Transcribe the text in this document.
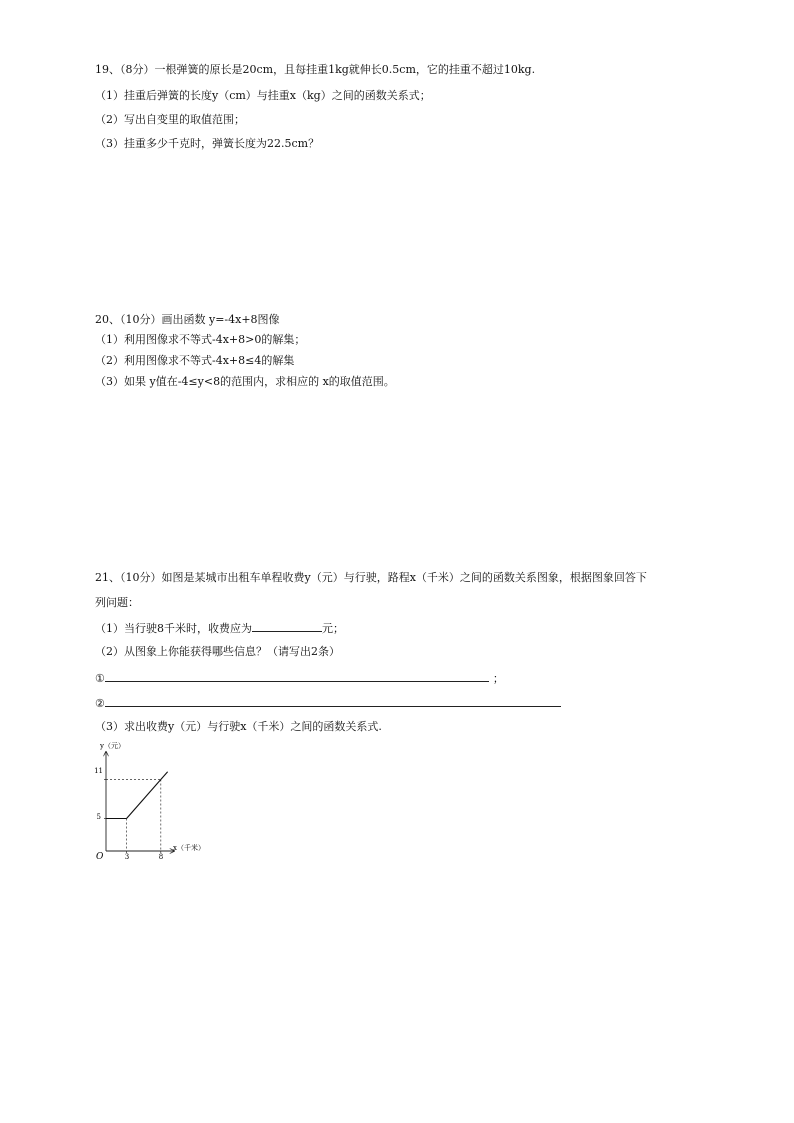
19、（8分）一根弹簧的原长是20cm，且每挂重1kg就伸长0.5cm，它的挂重不超过10kg.
（1）挂重后弹簧的长度y（cm）与挂重x（kg）之间的函数关系式；
（2）写出自变里的取值范围；
（3）挂重多少千克时，弹簧长度为22.5cm？
20、（10分）画出函数 y=-4x+8图像
（1）利用图像求不等式-4x+8>0的解集；
（2）利用图像求不等式-4x+8≤4的解集
（3）如果 y值在-4≤y<8的范围内，求相应的 x的取值范围。
21、（10分）如图是某城市出租车单程收费y（元）与行驶，路程x（千米）之间的函数关系图象，根据图象回答下
列问题：
（1）当行驶8千米时，收费应为	元；
（2）从图象上你能获得哪些信息？（请写出2条）
①	；
②
（3）求出收费y（元）与行驶x（千米）之间的函数关系式.
y（元）
x（千米）
O	3	8
5
11
